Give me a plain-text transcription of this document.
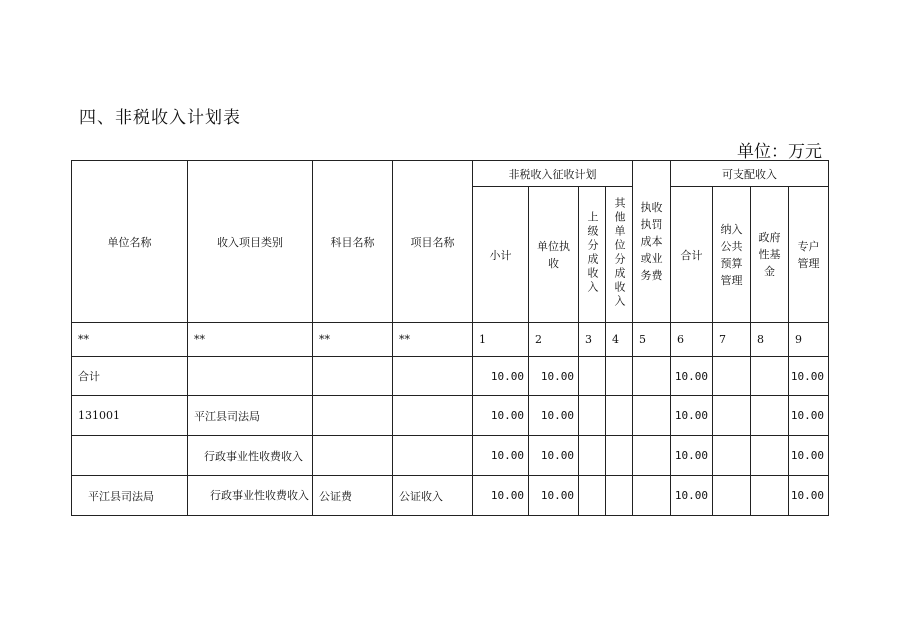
四、非税收入计划表
单位：万元
单位名称	收入项目类别	科目名称	项目名称	非税收入征收计划				执收执罚成本或业务费	可支配收入			
				小计	单位执收	上级分成收入	其他单位分成收入		合计	纳入公共预算管理	政府性基金	专户管理
**	**	**	**	1	2	3	4	5	6	7	8	9
合计				10.00	10.00				10.00			10.00
131001	平江县司法局			10.00	10.00				10.00			10.00
	行政事业性收费收入			10.00	10.00				10.00			10.00
平江县司法局	行政事业性收费收入	公证费	公证收入	10.00	10.00				10.00			10.00
